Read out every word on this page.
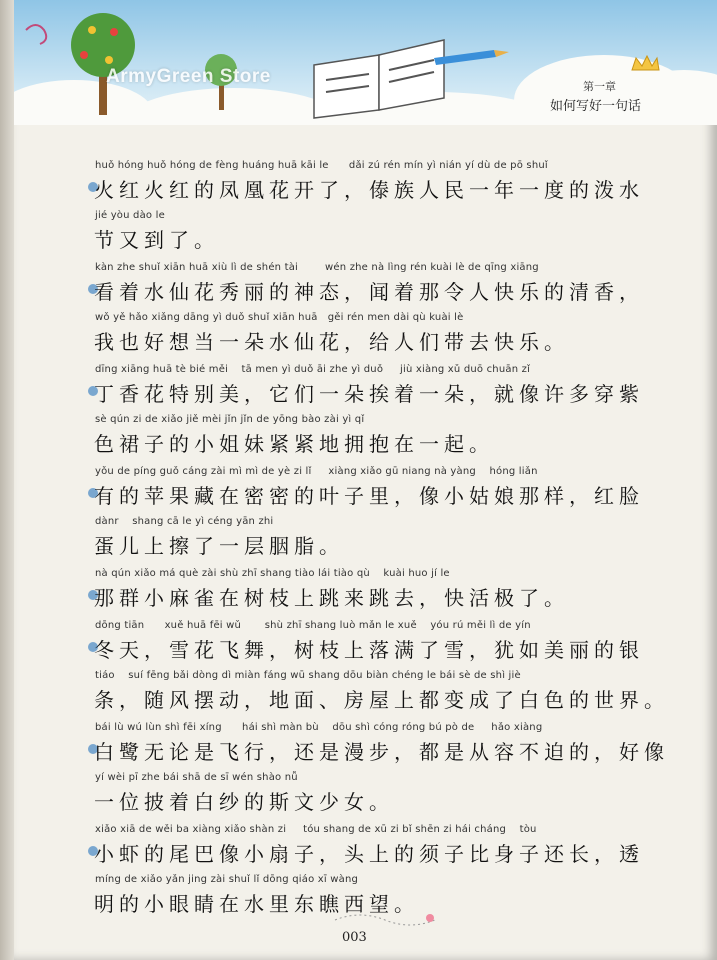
ArmyGreen Store	第一章
如何写好一句话
huǒ hóng huǒ hóng de fèng huáng huā kāi le      dǎi zú rén mín yì nián yí dù de pō shuǐ
火红火红的凤凰花开了，傣族人民一年一度的泼水
jié yòu dào le
节又到了。
kàn zhe shuǐ xiān huā xiù lì de shén tài        wén zhe nà lìng rén kuài lè de qīng xiāng
看着水仙花秀丽的神态，闻着那令人快乐的清香，
wǒ yě hǎo xiǎng dāng yì duǒ shuǐ xiān huā   gěi rén men dài qù kuài lè
我也好想当一朵水仙花，给人们带去快乐。
dīng xiāng huā tè bié měi    tā men yì duǒ āi zhe yì duǒ     jiù xiàng xǔ duō chuān zǐ
丁香花特别美，它们一朵挨着一朵，就像许多穿紫
sè qún zi de xiǎo jiě mèi jǐn jǐn de yōng bào zài yì qǐ
色裙子的小姐妹紧紧地拥抱在一起。
yǒu de píng guǒ cáng zài mì mì de yè zi lǐ     xiàng xiǎo gū niang nà yàng    hóng liǎn
有的苹果藏在密密的叶子里，像小姑娘那样，红脸
dànr    shang cā le yì céng yān zhi
蛋儿上擦了一层胭脂。
nà qún xiǎo má què zài shù zhī shang tiào lái tiào qù    kuài huo jí le
那群小麻雀在树枝上跳来跳去，快活极了。
dōng tiān      xuě huā fēi wǔ       shù zhī shang luò mǎn le xuě    yóu rú měi lì de yín
冬天，雪花飞舞，树枝上落满了雪，犹如美丽的银
tiáo    suí fēng bǎi dòng dì miàn fáng wū shang dōu biàn chéng le bái sè de shì jiè
条，随风摆动，地面、房屋上都变成了白色的世界。
bái lù wú lùn shì fēi xíng      hái shì màn bù    dōu shì cóng róng bú pò de     hǎo xiàng
白鹭无论是飞行，还是漫步，都是从容不迫的，好像
yí wèi pī zhe bái shā de sī wén shào nǚ
一位披着白纱的斯文少女。
xiǎo xiā de wěi ba xiàng xiǎo shàn zi     tóu shang de xū zi bǐ shēn zi hái cháng    tòu
小虾的尾巴像小扇子，头上的须子比身子还长，透
míng de xiǎo yǎn jing zài shuǐ lǐ dōng qiáo xī wàng
明的小眼睛在水里东瞧西望。
003
